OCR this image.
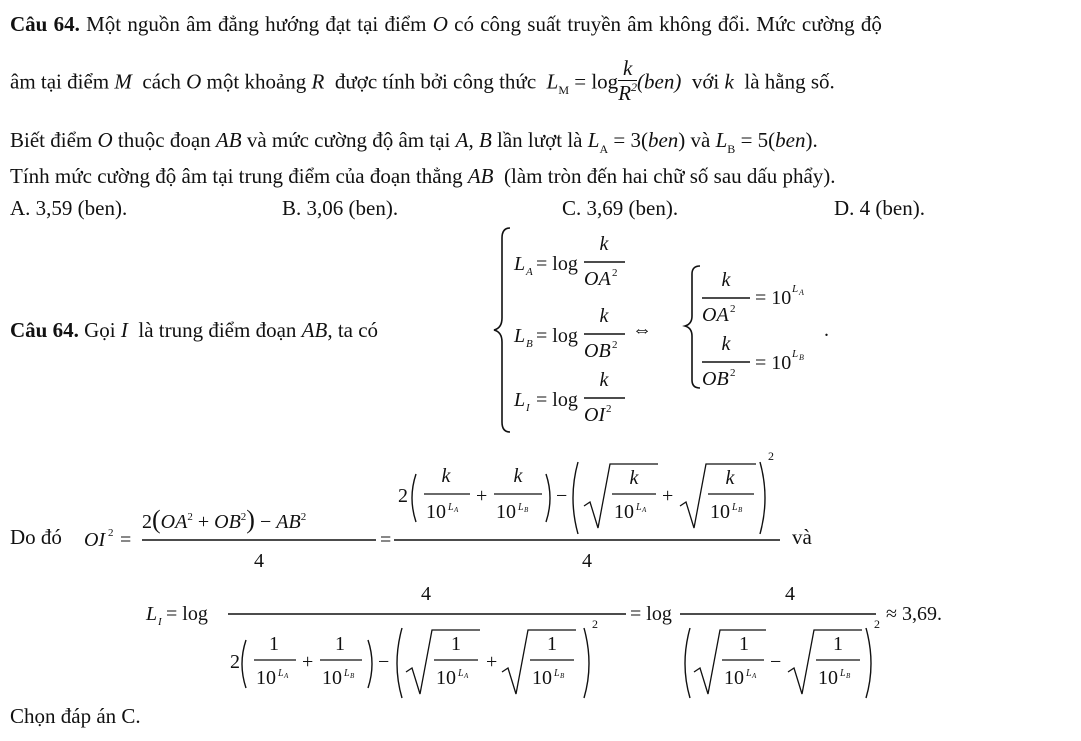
Câu 64. Một nguồn âm đẳng hướng đạt tại điểm O có công suất truyền âm không đổi. Mức cường độ
âm tại điểm M  cách O một khoảng R  được tính bởi công thức  $L_M = \log \frac{k}{R^2} (ben)$  với k  là hằng số.
Biết điểm O thuộc đoạn AB và mức cường độ âm tại A, B lần lượt là $L_A = 3(ben)$ và $L_B = 5(ben)$.
Tính mức cường độ âm tại trung điểm của đoạn thẳng AB  (làm tròn đến hai chữ số sau dấu phẩy).
A. 3,59 (ben).	B. 3,06 (ben).	C. 3,69 (ben).	D. 4 (ben).
Câu 64. Gọi I  là trung điểm đoạn AB, ta có
L A = log
k
OA 2
L B = log
k
OB 2
L I = log
k
OI 2
⇔
k
OA 2 = 10 L A
k
OB 2 = 10 L B
.
Do đó OI 2 =
$2(OA^2 + OB^2) - AB^2$
4
=
2
k
10 L A
+
k
10 L B
−
k
10 L A
+
k
10 L B
2
4
và
L I = log
4
2
1
10 L A
+
1
10 L B
−
1
10 L A
+
1
10 L B
2 = log
4
1
10 L A
−
1
10 L B
2 ≈ 3,69.
Chọn đáp án C.
